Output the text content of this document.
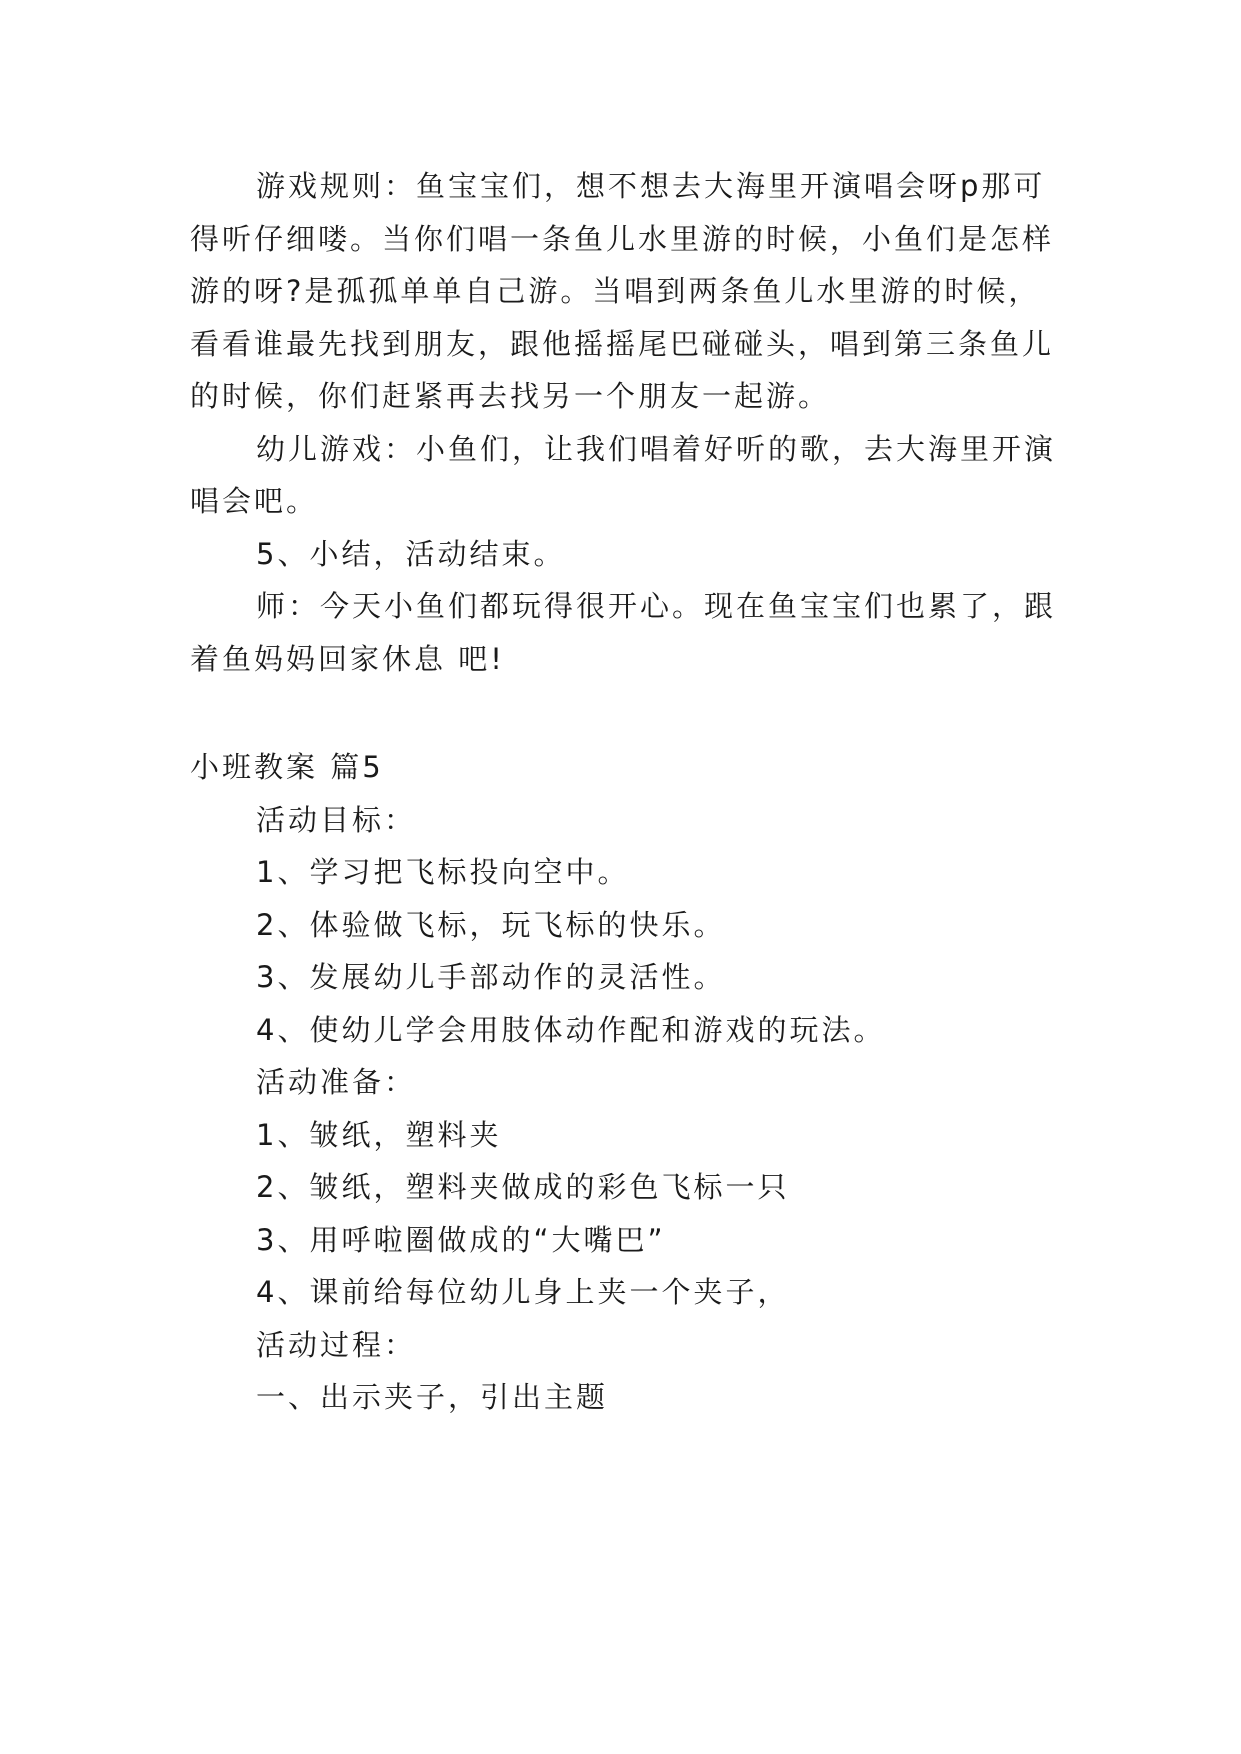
游戏规则：鱼宝宝们，想不想去大海里开演唱会呀p那可得听仔细喽。当你们唱一条鱼儿水里游的时候，小鱼们是怎样游的呀?是孤孤单单自己游。当唱到两条鱼儿水里游的时候，看看谁最先找到朋友，跟他摇摇尾巴碰碰头，唱到第三条鱼儿的时候，你们赶紧再去找另一个朋友一起游。

幼儿游戏：小鱼们，让我们唱着好听的歌，去大海里开演唱会吧。

5、小结，活动结束。

师：今天小鱼们都玩得很开心。现在鱼宝宝们也累了，跟着鱼妈妈回家休息 吧!

小班教案 篇5

活动目标：

1、学习把飞标投向空中。

2、体验做飞标，玩飞标的快乐。

3、发展幼儿手部动作的灵活性。

4、使幼儿学会用肢体动作配和游戏的玩法。

活动准备：

1、皱纸，塑料夹

2、皱纸，塑料夹做成的彩色飞标一只

3、用呼啦圈做成的“大嘴巴”

4、课前给每位幼儿身上夹一个夹子，

活动过程：

一、出示夹子，引出主题
